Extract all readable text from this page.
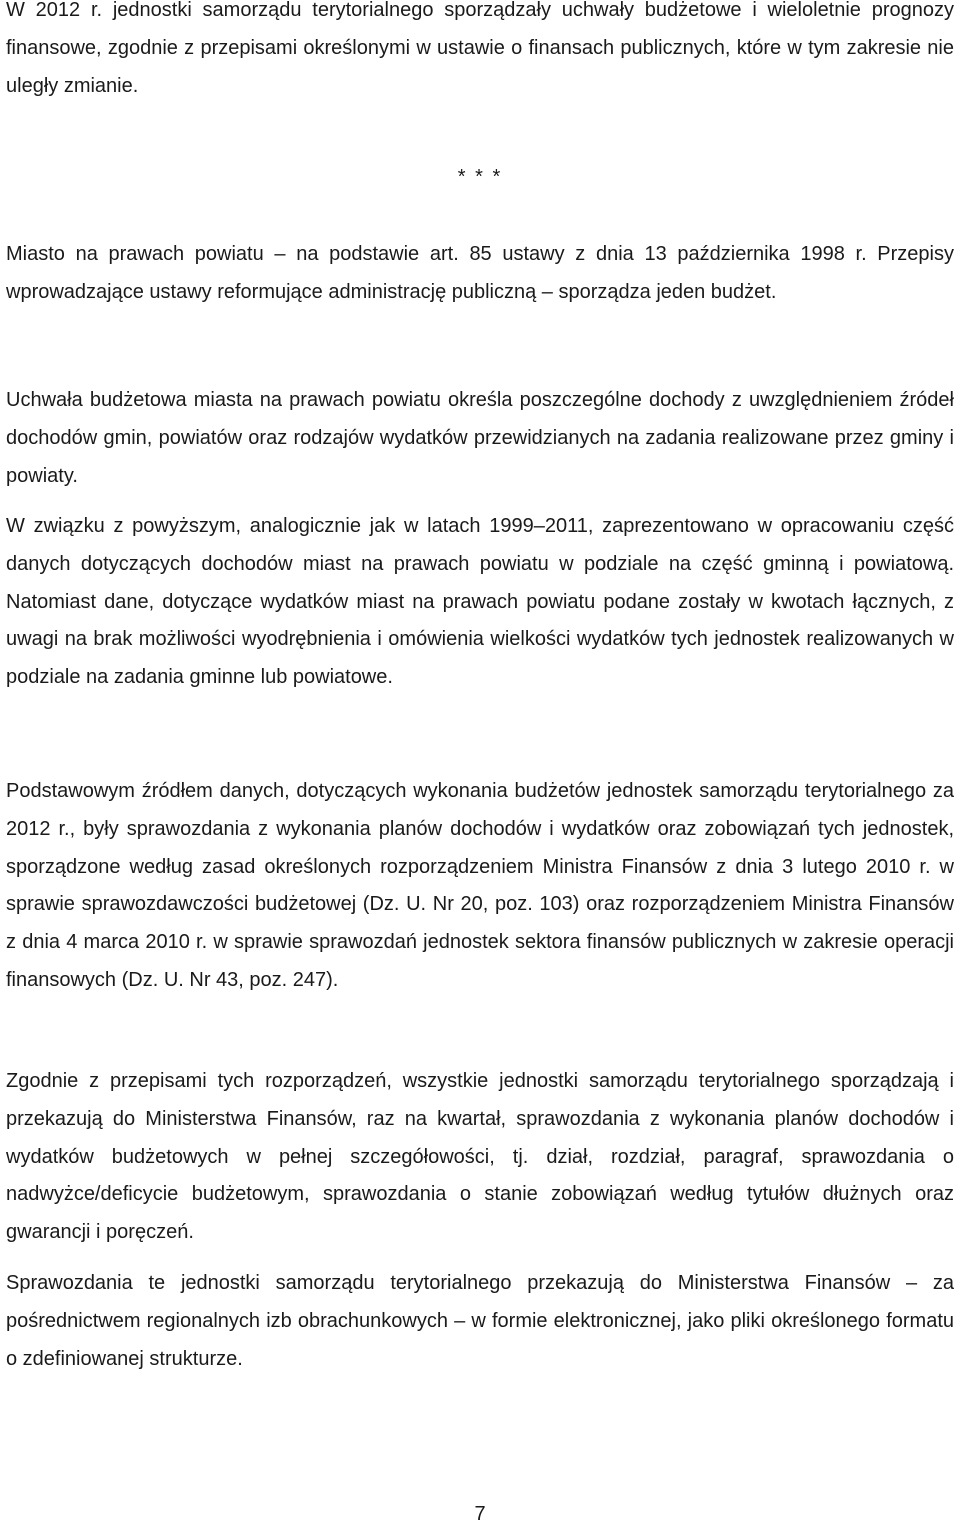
W 2012 r. jednostki samorządu terytorialnego sporządzały uchwały budżetowe i wieloletnie prognozy finansowe, zgodnie z przepisami określonymi w ustawie o finansach publicznych, które w tym zakresie nie uległy zmianie.

* * *

Miasto na prawach powiatu – na podstawie art. 85 ustawy z dnia 13 października 1998 r. Przepisy wprowadzające ustawy reformujące administrację publiczną – sporządza jeden budżet.

Uchwała budżetowa miasta na prawach powiatu określa poszczególne dochody z uwzględnieniem źródeł dochodów gmin, powiatów oraz rodzajów wydatków przewidzianych na zadania realizowane przez gminy i powiaty.

W związku z powyższym, analogicznie jak w latach 1999–2011, zaprezentowano w opracowaniu część danych dotyczących dochodów miast na prawach powiatu w podziale na część gminną i powiatową. Natomiast dane, dotyczące wydatków miast na prawach powiatu podane zostały w kwotach łącznych, z uwagi na brak możliwości wyodrębnienia i omówienia wielkości wydatków tych jednostek realizowanych w podziale na zadania gminne lub powiatowe.

Podstawowym źródłem danych, dotyczących wykonania budżetów jednostek samorządu terytorialnego za 2012 r., były sprawozdania z wykonania planów dochodów i wydatków oraz zobowiązań tych jednostek, sporządzone według zasad określonych rozporządzeniem Ministra Finansów z dnia 3 lutego 2010 r. w sprawie sprawozdawczości budżetowej (Dz. U. Nr 20, poz. 103) oraz rozporządzeniem Ministra Finansów z dnia 4 marca 2010 r. w sprawie sprawozdań jednostek sektora finansów publicznych w zakresie operacji finansowych (Dz. U. Nr 43, poz. 247).

Zgodnie z przepisami tych rozporządzeń, wszystkie jednostki samorządu terytorialnego sporządzają i przekazują do Ministerstwa Finansów, raz na kwartał, sprawozdania z wykonania planów dochodów i wydatków budżetowych w pełnej szczegółowości, tj. dział, rozdział, paragraf, sprawozdania o nadwyżce/deficycie budżetowym, sprawozdania o stanie zobowiązań według tytułów dłużnych oraz gwarancji i poręczeń.

Sprawozdania te jednostki samorządu terytorialnego przekazują do Ministerstwa Finansów – za pośrednictwem regionalnych izb obrachunkowych – w formie elektronicznej, jako pliki określonego formatu o zdefiniowanej strukturze.

7
